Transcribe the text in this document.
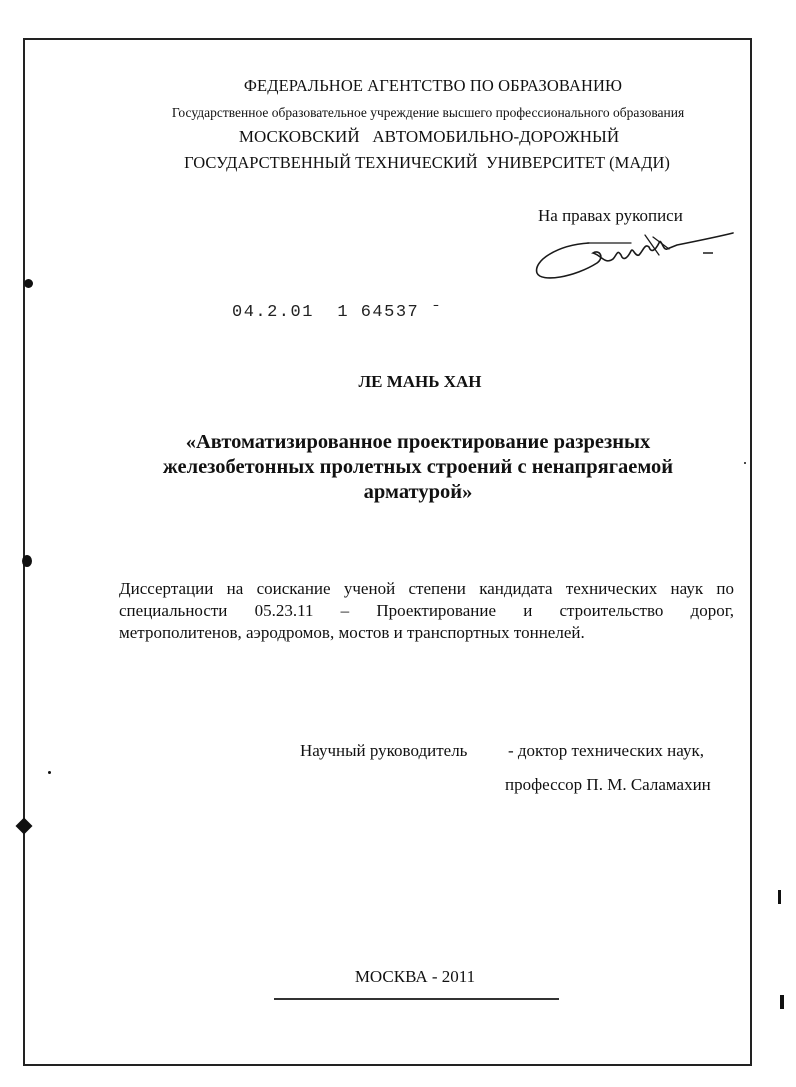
ФЕДЕРАЛЬНОЕ АГЕНТСТВО ПО ОБРАЗОВАНИЮ
Государственное образовательное учреждение высшего профессионального образования
МОСКОВСКИЙ   АВТОМОБИЛЬНО-ДОРОЖНЫЙ
ГОСУДАРСТВЕННЫЙ ТЕХНИЧЕСКИЙ  УНИВЕРСИТЕТ (МАДИ)
На правах рукописи
04.2.01  1 64537 ˉ
ЛЕ МАНЬ ХАН
«Автоматизированное проектирование разрезных
железобетонных пролетных строений с ненапрягаемой
арматурой»
Диссертации на соискание ученой степени кандидата технических наук по
специальности 05.23.11 – Проектирование и строительство дорог,
метрополитенов, аэродромов, мостов и транспортных тоннелей.
Научный руководитель - доктор технических наук,
профессор П. М. Саламахин
МОСКВА - 2011
